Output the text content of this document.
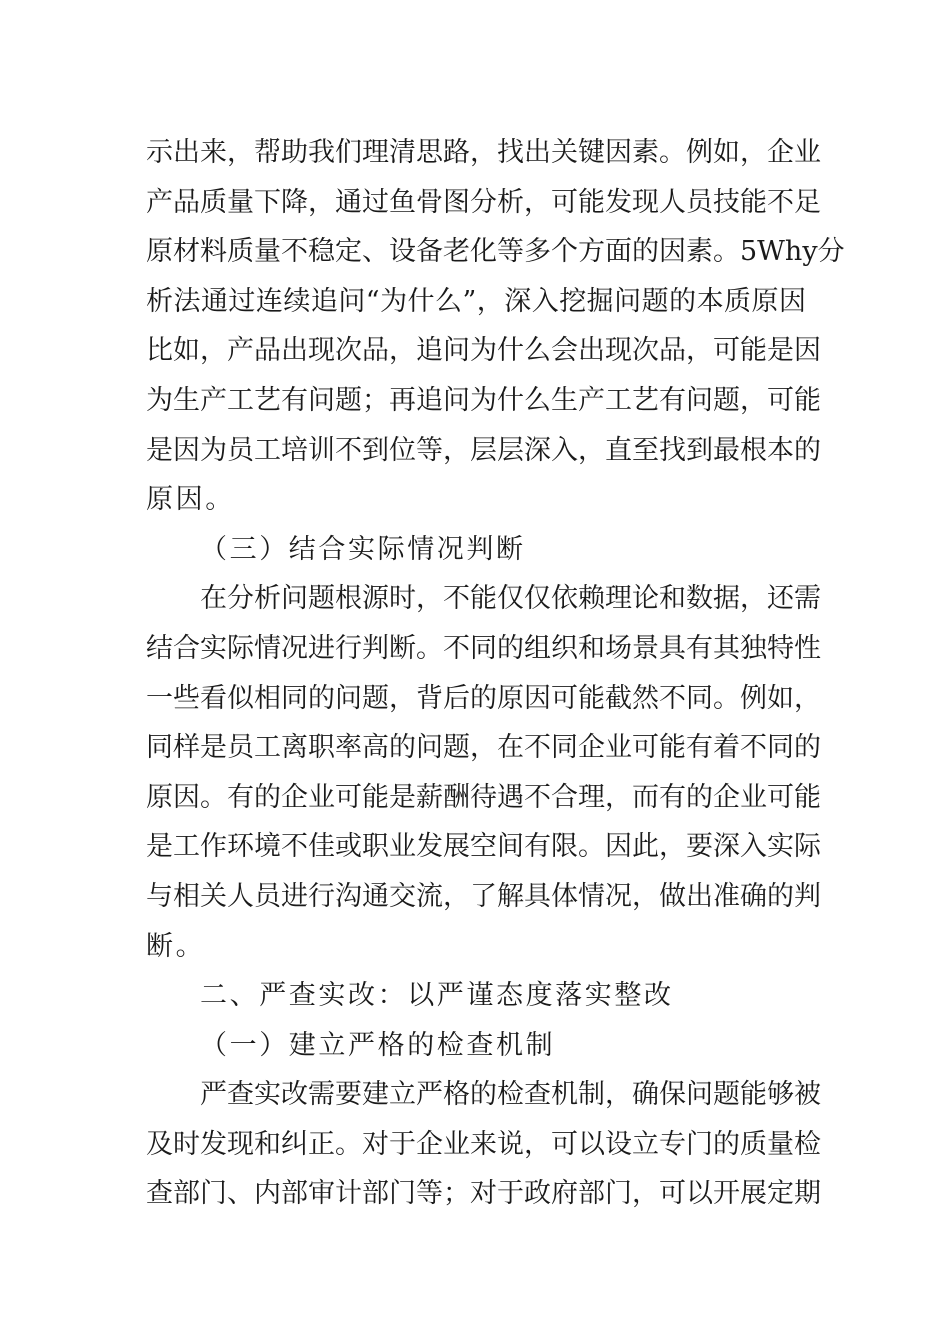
示出来，帮助我们理清思路，找出关键因素。例如，企业
产品质量下降，通过鱼骨图分析，可能发现人员技能不足
原材料质量不稳定、设备老化等多个方面的因素。5Why分
析法通过连续追问“为什么”，深入挖掘问题的本质原因
比如，产品出现次品，追问为什么会出现次品，可能是因
为生产工艺有问题；再追问为什么生产工艺有问题，可能
是因为员工培训不到位等，层层深入，直至找到最根本的
原因。
（三）结合实际情况判断
在分析问题根源时，不能仅仅依赖理论和数据，还需
结合实际情况进行判断。不同的组织和场景具有其独特性
一些看似相同的问题，背后的原因可能截然不同。例如，
同样是员工离职率高的问题，在不同企业可能有着不同的
原因。有的企业可能是薪酬待遇不合理，而有的企业可能
是工作环境不佳或职业发展空间有限。因此，要深入实际
与相关人员进行沟通交流，了解具体情况，做出准确的判
断。
二、严查实改：以严谨态度落实整改
（一）建立严格的检查机制
严查实改需要建立严格的检查机制，确保问题能够被
及时发现和纠正。对于企业来说，可以设立专门的质量检
查部门、内部审计部门等；对于政府部门，可以开展定期
